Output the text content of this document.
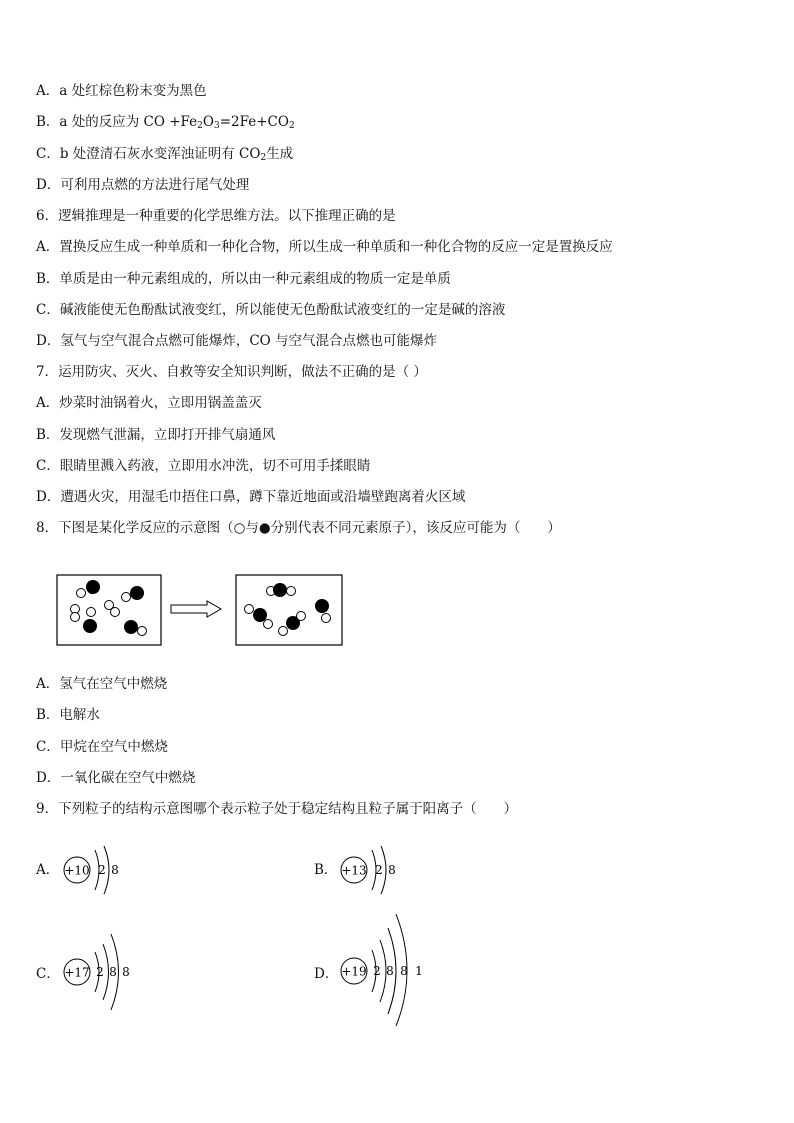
A．a 处红棕色粉末变为黑色
B．a 处的反应为 CO $+Fe_2O_3=2Fe+CO_2$
C．b 处澄清石灰水变浑浊证明有 $CO_2$生成
D．可利用点燃的方法进行尾气处理
6．逻辑推理是一种重要的化学思维方法。以下推理正确的是
A．置换反应生成一种单质和一种化合物，所以生成一种单质和一种化合物的反应一定是置换反应
B．单质是由一种元素组成的，所以由一种元素组成的物质一定是单质
C．碱液能使无色酚酞试液变红，所以能使无色酚酞试液变红的一定是碱的溶液
D．氢气与空气混合点燃可能爆炸，CO 与空气混合点燃也可能爆炸
7．运用防灾、灭火、自救等安全知识判断，做法不正确的是（ ）
A．炒菜时油锅着火，立即用锅盖盖灭
B．发现燃气泄漏，立即打开排气扇通风
C．眼睛里溅入药液，立即用水冲洗，切不可用手揉眼睛
D．遭遇火灾，用湿毛巾捂住口鼻，蹲下靠近地面或沿墙壁跑离着火区域
8．下图是某化学反应的示意图（○与●分别代表不同元素原子），该反应可能为（　　）
A．氢气在空气中燃烧
B．电解水
C．甲烷在空气中燃烧
D．一氧化碳在空气中燃烧
9．下列粒子的结构示意图哪个表示粒子处于稳定结构且粒子属于阳离子（　　）
A． +10 2 8	B． +13 2 8
C． +17 2 8 8	D． +19 2 8 8 1
